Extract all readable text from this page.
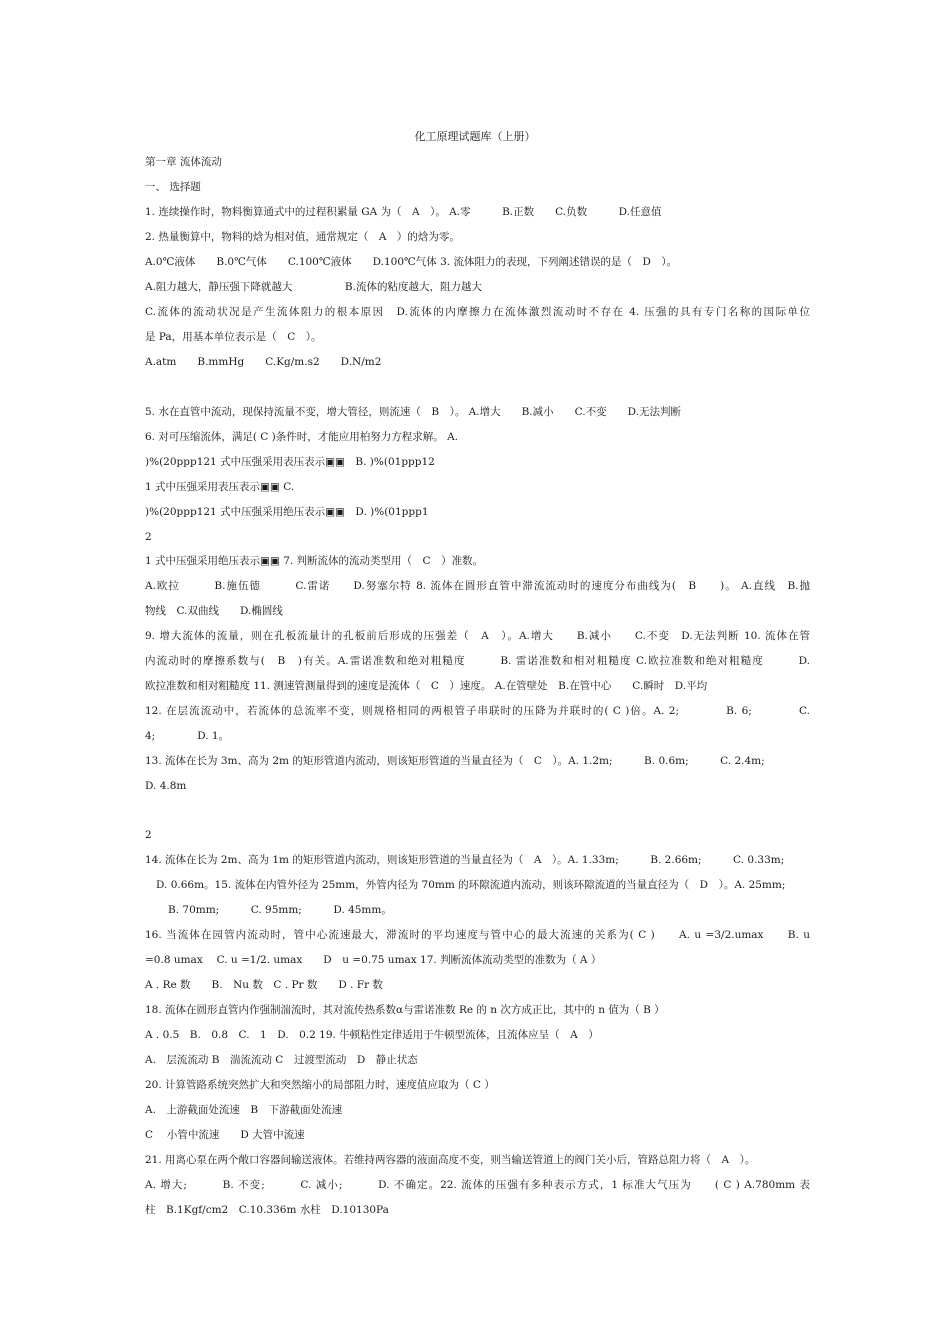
化工原理试题库（上册）
第一章 流体流动
一、 选择题
1. 连续操作时，物料衡算通式中的过程积累量 GA 为（　A　）。 A.零　　　B.正数　　C.负数　　　D.任意值
2. 热量衡算中，物料的焓为相对值，通常规定（　A　）的焓为零。
A.0℃液体　　B.0℃气体　　C.100℃液体　　D.100℃气体 3. 流体阻力的表现，下列阐述错误的是（　D　）。
A.阻力越大，静压强下降就越大　　　　　B.流体的粘度越大，阻力越大
C.流体的流动状况是产生流体阻力的根本原因　D.流体的内摩擦力在流体激烈流动时不存在 4. 压强的具有专门名称的国际单位
是 Pa，用基本单位表示是（　C　）。
A.atm　　B.mmHg　　C.Kg/m.s2　　D.N/m2
5. 水在直管中流动，现保持流量不变，增大管径，则流速（　B　）。 A.增大　　B.减小　　C.不变　　D.无法判断
6. 对可压缩流体，满足( C )条件时，才能应用柏努力方程求解。 A.
)%(20ppp121 式中压强采用表压表示▣▣　B. )%(01ppp12
1 式中压强采用表压表示▣▣ C.
)%(20ppp121 式中压强采用绝压表示▣▣　D. )%(01ppp1
2
1 式中压强采用绝压表示▣▣ 7. 判断流体的流动类型用（　C　）准数。
A.欧拉　　　B.施伍德　　　C.雷诺　　D.努塞尔特 8. 流体在圆形直管中滞流流动时的速度分布曲线为(　B　　)。 A.直线　B.抛
物线　C.双曲线　　D.椭圆线
9. 增大流体的流量，则在孔板流量计的孔板前后形成的压强差（　A　）。A.增大　　B.减小　　C.不变　D.无法判断 10. 流体在管
内流动时的摩擦系数与(　B　)有关。A.雷诺准数和绝对粗糙度　　　B. 雷诺准数和相对粗糙度 C.欧拉准数和绝对粗糙度　　　D.
欧拉准数和相对粗糙度 11. 测速管测量得到的速度是流体（　C　）速度。 A.在管壁处　B.在管中心　　C.瞬时　D.平均
12. 在层流流动中，若流体的总流率不变，则规格相同的两根管子串联时的压降为并联时的( C )倍。A. 2;　　　　B. 6;　　　　C.
4;　　　　D. 1。
13. 流体在长为 3m、高为 2m 的矩形管道内流动，则该矩形管道的当量直径为（　C　）。A. 1.2m;　　　B. 0.6m;　　　C. 2.4m;
D. 4.8m
2
14. 流体在长为 2m、高为 1m 的矩形管道内流动，则该矩形管道的当量直径为（　A　）。A. 1.33m;　　　B. 2.66m;　　　C. 0.33m;
D. 0.66m。15. 流体在内管外径为 25mm，外管内径为 70mm 的环隙流道内流动，则该环隙流道的当量直径为（　D　）。A. 25mm;
B. 70mm;　　　C. 95mm;　　　D. 45mm。
16. 当流体在园管内流动时，管中心流速最大，滞流时的平均速度与管中心的最大流速的关系为( C )　　A. u =3/2.umax　　B. u
=0.8 umax　 C. u =1/2. umax　　D　u =0.75 umax 17. 判断流体流动类型的准数为（ A ）
A . Re 数　　B.　Nu 数　C . Pr 数　　D . Fr 数
18. 流体在圆形直管内作强制湍流时，其对流传热系数α与雷诺准数 Re 的 n 次方成正比，其中的 n 值为（ B ）
A . 0.5　B.　0.8　C.　1　D.　0.2 19. 牛顿粘性定律适用于牛顿型流体，且流体应呈（　A　）
A.　层流流动 B　湍流流动 C　过渡型流动　D　静止状态
20. 计算管路系统突然扩大和突然缩小的局部阻力时，速度值应取为（ C ）
A.　上游截面处流速　B　下游截面处流速
C　 小管中流速　　D 大管中流速
21. 用离心泵在两个敞口容器间输送液体。若维持两容器的液面高度不变，则当输送管道上的阀门关小后，管路总阻力将（　A　）。
A. 增大;　　　B. 不变;　　　C. 减小;　　　D. 不确定。22. 流体的压强有多种表示方式，1 标准大气压为　　( C ) A.780mm 表
柱　B.1Kgf/cm2　C.10.336m 水柱　D.10130Pa
